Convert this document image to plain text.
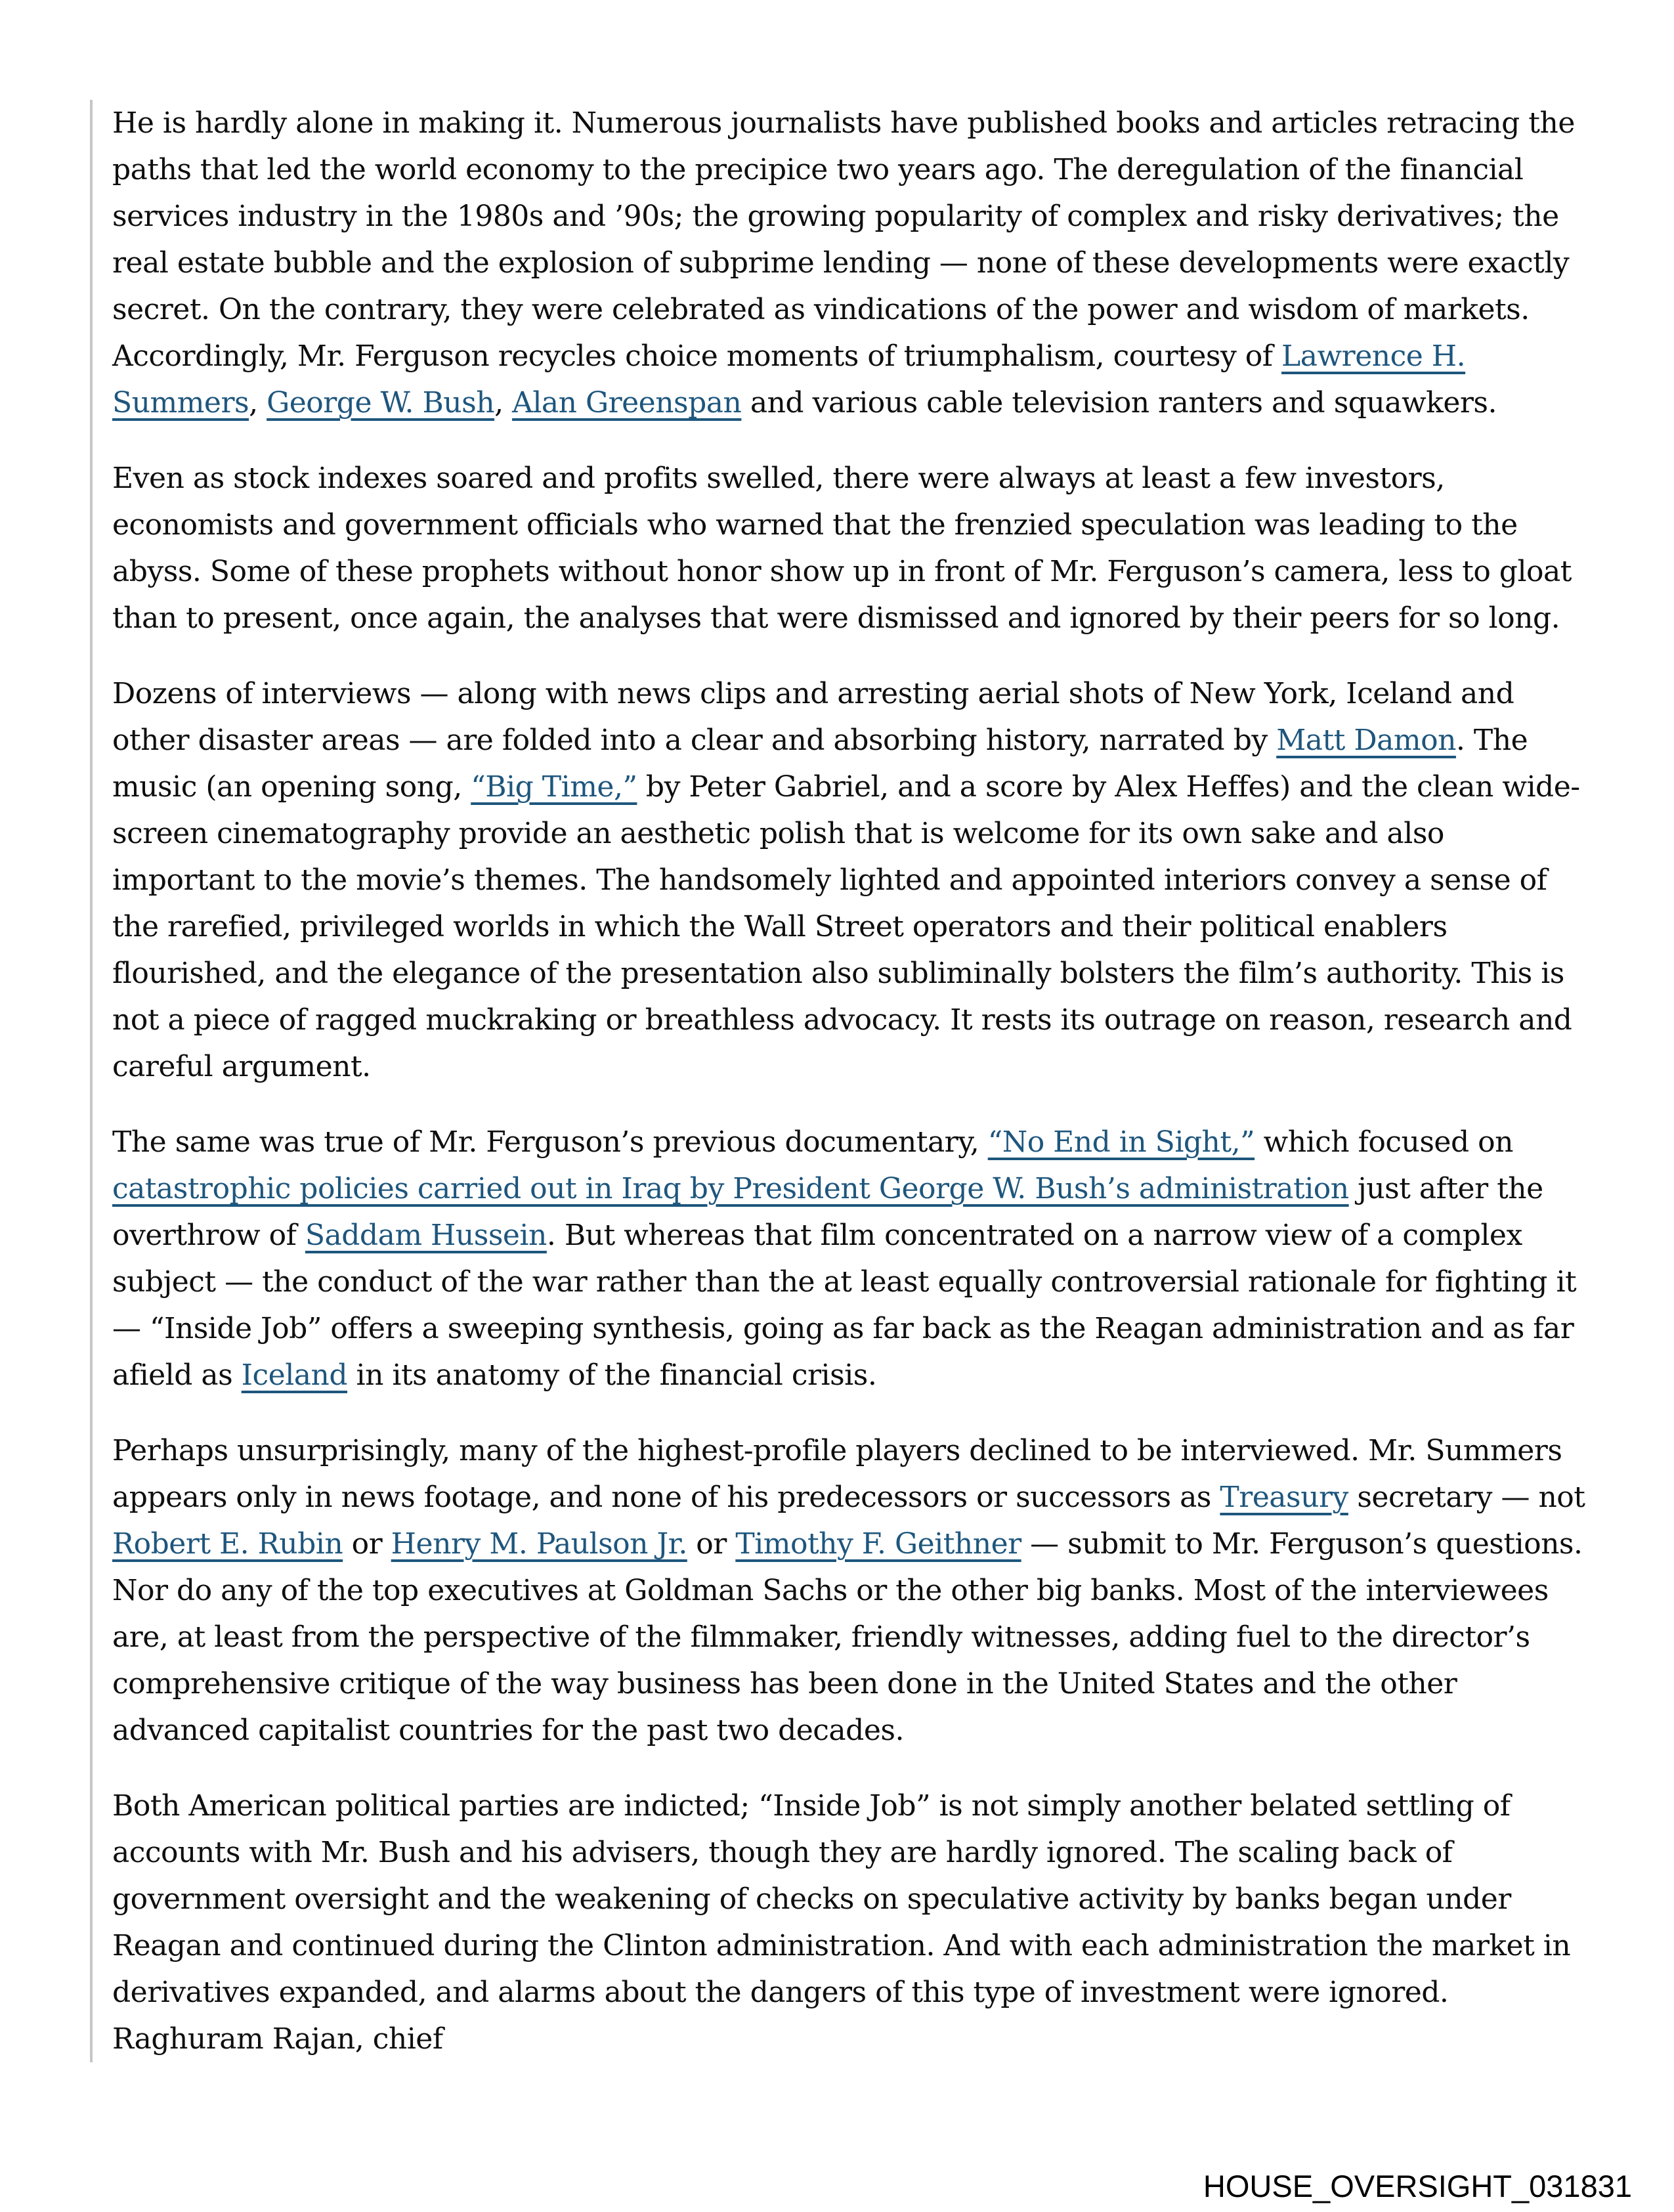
He is hardly alone in making it. Numerous journalists have published books and articles retracing the paths that led the world economy to the precipice two years ago. The deregulation of the financial services industry in the 1980s and ’90s; the growing popularity of complex and risky derivatives; the real estate bubble and the explosion of subprime lending — none of these developments were exactly secret. On the contrary, they were celebrated as vindications of the power and wisdom of markets. Accordingly, Mr. Ferguson recycles choice moments of triumphalism, courtesy of Lawrence H. Summers, George W. Bush, Alan Greenspan and various cable television ranters and squawkers.

Even as stock indexes soared and profits swelled, there were always at least a few investors, economists and government officials who warned that the frenzied speculation was leading to the abyss. Some of these prophets without honor show up in front of Mr. Ferguson’s camera, less to gloat than to present, once again, the analyses that were dismissed and ignored by their peers for so long.

Dozens of interviews — along with news clips and arresting aerial shots of New York, Iceland and other disaster areas — are folded into a clear and absorbing history, narrated by Matt Damon. The music (an opening song, “Big Time,” by Peter Gabriel, and a score by Alex Heffes) and the clean wide-screen cinematography provide an aesthetic polish that is welcome for its own sake and also important to the movie’s themes. The handsomely lighted and appointed interiors convey a sense of the rarefied, privileged worlds in which the Wall Street operators and their political enablers flourished, and the elegance of the presentation also subliminally bolsters the film’s authority. This is not a piece of ragged muckraking or breathless advocacy. It rests its outrage on reason, research and careful argument.

The same was true of Mr. Ferguson’s previous documentary, “No End in Sight,” which focused on catastrophic policies carried out in Iraq by President George W. Bush’s administration just after the overthrow of Saddam Hussein. But whereas that film concentrated on a narrow view of a complex subject — the conduct of the war rather than the at least equally controversial rationale for fighting it — “Inside Job” offers a sweeping synthesis, going as far back as the Reagan administration and as far afield as Iceland in its anatomy of the financial crisis.

Perhaps unsurprisingly, many of the highest-profile players declined to be interviewed. Mr. Summers appears only in news footage, and none of his predecessors or successors as Treasury secretary — not Robert E. Rubin or Henry M. Paulson Jr. or Timothy F. Geithner — submit to Mr. Ferguson’s questions. Nor do any of the top executives at Goldman Sachs or the other big banks. Most of the interviewees are, at least from the perspective of the filmmaker, friendly witnesses, adding fuel to the director’s comprehensive critique of the way business has been done in the United States and the other advanced capitalist countries for the past two decades.

Both American political parties are indicted; “Inside Job” is not simply another belated settling of accounts with Mr. Bush and his advisers, though they are hardly ignored. The scaling back of government oversight and the weakening of checks on speculative activity by banks began under Reagan and continued during the Clinton administration. And with each administration the market in derivatives expanded, and alarms about the dangers of this type of investment were ignored. Raghuram Rajan, chief

HOUSE_OVERSIGHT_031831
